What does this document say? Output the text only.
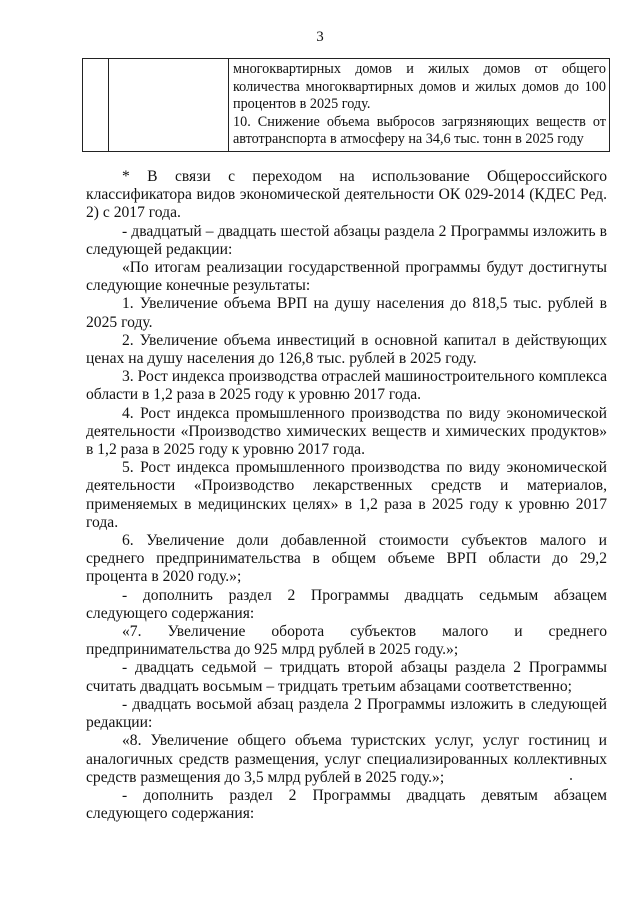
3

многоквартирных домов и жилых домов от общего количества многоквартирных домов и жилых домов до 100 процентов в 2025 году.

10. Снижение объема выбросов загрязняющих веществ от автотранспорта в атмосферу на 34,6 тыс. тонн в 2025 году

* В связи с переходом на использование Общероссийского классификатора видов экономической деятельности ОК 029-2014 (КДЕС Ред. 2) с 2017 года.

- двадцатый – двадцать шестой абзацы раздела 2 Программы изложить в следующей редакции:

«По итогам реализации государственной программы будут достигнуты следующие конечные результаты:

1. Увеличение объема ВРП на душу населения до 818,5 тыс. рублей в 2025 году.

2. Увеличение объема инвестиций в основной капитал в действующих ценах на душу населения до 126,8 тыс. рублей в 2025 году.

3. Рост индекса производства отраслей машиностроительного комплекса области в 1,2 раза в 2025 году к уровню 2017 года.

4. Рост индекса промышленного производства по виду экономической деятельности «Производство химических веществ и химических продуктов» в 1,2 раза в 2025 году к уровню 2017 года.

5. Рост индекса промышленного производства по виду экономической деятельности «Производство лекарственных средств и материалов, применяемых в медицинских целях» в 1,2 раза в 2025 году к уровню 2017 года.

6. Увеличение доли добавленной стоимости субъектов малого и среднего предпринимательства в общем объеме ВРП области до 29,2 процента в 2020 году.»;

- дополнить раздел 2 Программы двадцать седьмым абзацем следующего содержания:

«7. Увеличение оборота субъектов малого и среднего предпринимательства до 925 млрд рублей в 2025 году.»;

- двадцать седьмой – тридцать второй абзацы раздела 2 Программы считать двадцать восьмым – тридцать третьим абзацами соответственно;

- двадцать восьмой абзац раздела 2 Программы изложить в следующей редакции:

«8. Увеличение общего объема туристских услуг, услуг гостиниц и аналогичных средств размещения, услуг специализированных коллективных средств размещения до 3,5 млрд рублей в 2025 году.»;

- дополнить раздел 2 Программы двадцать девятым абзацем следующего содержания:
